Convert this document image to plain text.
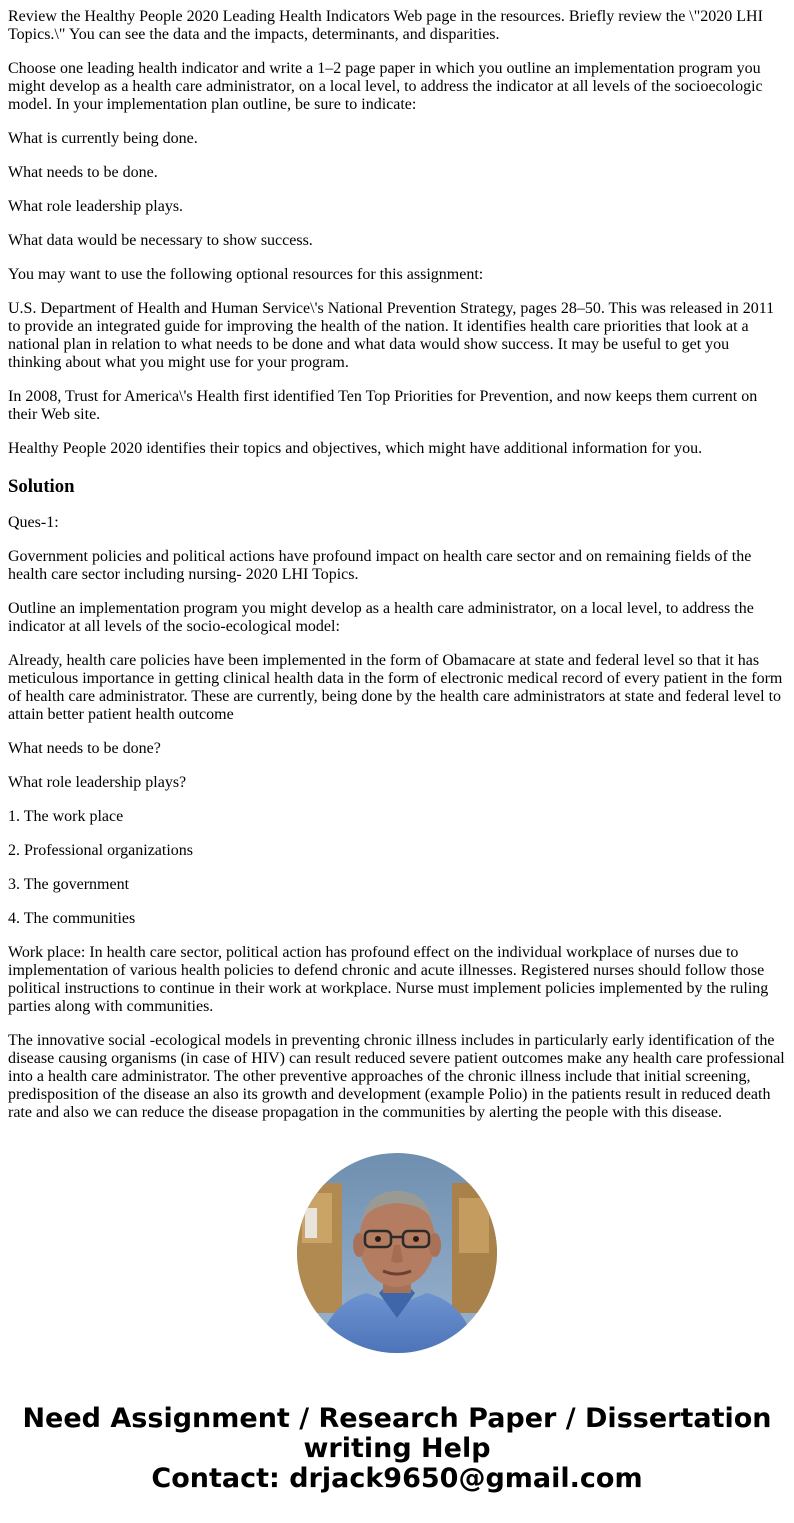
Review the Healthy People 2020 Leading Health Indicators Web page in the resources. Briefly review the \"2020 LHI Topics.\" You can see the data and the impacts, determinants, and disparities.

Choose one leading health indicator and write a 1–2 page paper in which you outline an implementation program you might develop as a health care administrator, on a local level, to address the indicator at all levels of the socioecologic model. In your implementation plan outline, be sure to indicate:

What is currently being done.

What needs to be done.

What role leadership plays.

What data would be necessary to show success.

You may want to use the following optional resources for this assignment:

U.S. Department of Health and Human Service\'s National Prevention Strategy, pages 28–50. This was released in 2011 to provide an integrated guide for improving the health of the nation. It identifies health care priorities that look at a national plan in relation to what needs to be done and what data would show success. It may be useful to get you thinking about what you might use for your program.

In 2008, Trust for America\'s Health first identified Ten Top Priorities for Prevention, and now keeps them current on their Web site.

Healthy People 2020 identifies their topics and objectives, which might have additional information for you.

Solution

Ques-1:

Government policies and political actions have profound impact on health care sector and on remaining fields of the health care sector including nursing- 2020 LHI Topics.

Outline an implementation program you might develop as a health care administrator, on a local level, to address the indicator at all levels of the socio-ecological model:

Already, health care policies have been implemented in the form of Obamacare at state and federal level so that it has meticulous importance in getting clinical health data in the form of electronic medical record of every patient in the form of health care administrator. These are currently, being done by the health care administrators at state and federal level to attain better patient health outcome

What needs to be done?

What role leadership plays?

1. The work place

2. Professional organizations

3. The government

4. The communities

Work place: In health care sector, political action has profound effect on the individual workplace of nurses due to implementation of various health policies to defend chronic and acute illnesses. Registered nurses should follow those political instructions to continue in their work at workplace. Nurse must implement policies implemented by the ruling parties along with communities.

The innovative social -ecological models in preventing chronic illness includes in particularly early identification of the disease causing organisms (in case of HIV) can result reduced severe patient outcomes make any health care professional into a health care administrator. The other preventive approaches of the chronic illness include that initial screening, predisposition of the disease an also its growth and development (example Polio) in the patients result in reduced death rate and also we can reduce the disease propagation in the communities by alerting the people with this disease.

Need Assignment / Research Paper / Dissertation writing Help
Contact: drjack9650@gmail.com
